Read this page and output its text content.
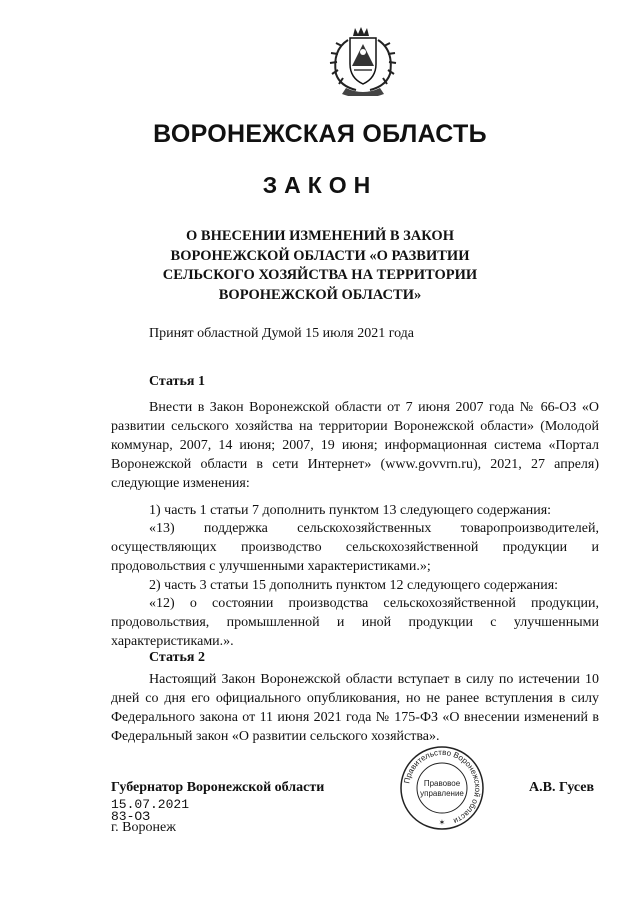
ВОРОНЕЖСКАЯ ОБЛАСТЬ
ЗАКОН
О ВНЕСЕНИИ ИЗМЕНЕНИЙ В ЗАКОН
ВОРОНЕЖСКОЙ ОБЛАСТИ «О РАЗВИТИИ
СЕЛЬСКОГО ХОЗЯЙСТВА НА ТЕРРИТОРИИ
ВОРОНЕЖСКОЙ ОБЛАСТИ»
Принят областной Думой 15 июля 2021 года
Статья 1

Внести в Закон Воронежской области от 7 июня 2007 года № 66-ОЗ «О развитии сельского хозяйства на территории Воронежской области» (Молодой коммунар, 2007, 14 июня; 2007, 19 июня; информационная система «Портал Воронежской области в сети Интернет» (www.govvrn.ru), 2021, 27 апреля) следующие изменения:

1) часть 1 статьи 7 дополнить пунктом 13 следующего содержания:

«13) поддержка сельскохозяйственных товаропроизводителей, осуществляющих производство сельскохозяйственной продукции и продовольствия с улучшенными характеристиками.»;

2) часть 3 статьи 15 дополнить пунктом 12 следующего содержания:

«12) о состоянии производства сельскохозяйственной продукции, продовольствия, промышленной и иной продукции с улучшенными характеристиками.».

Статья 2

Настоящий Закон Воронежской области вступает в силу по истечении 10 дней со дня его официального опубликования, но не ранее вступления в силу Федерального закона от 11 июня 2021 года № 175-ФЗ «О внесении изменений в Федеральный закон «О развитии сельского хозяйства».

Губернатор Воронежской области
15.07.2021
83-ОЗ
г. Воронеж
Правительство Воронежской области
Правовое
управление
✶
А.В. Гусев
